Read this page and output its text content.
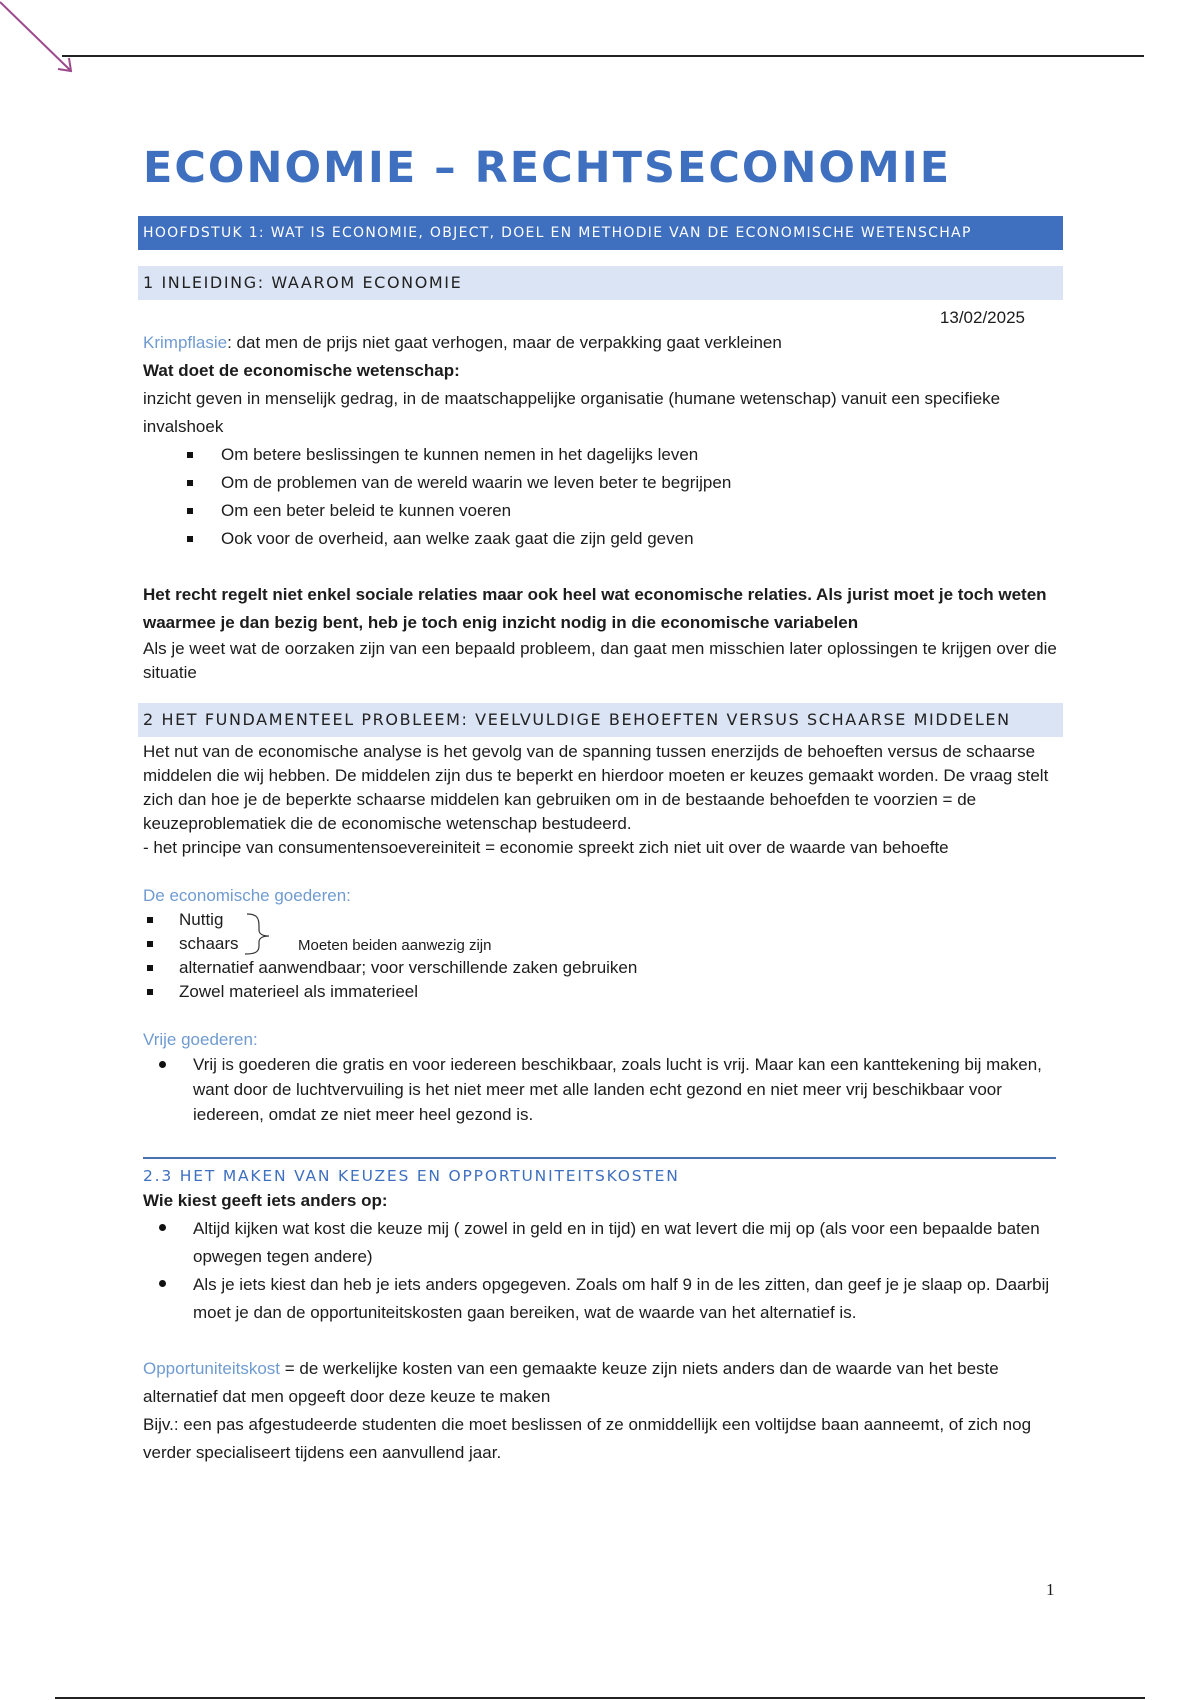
ECONOMIE – RECHTSECONOMIE
HOOFDSTUK 1: WAT IS ECONOMIE, OBJECT, DOEL EN METHODIE VAN DE ECONOMISCHE WETENSCHAP
1 INLEIDING: WAAROM ECONOMIE
13/02/2025

Krimpflasie: dat men de prijs niet gaat verhogen, maar de verpakking gaat verkleinen

Wat doet de economische wetenschap:

inzicht geven in menselijk gedrag, in de maatschappelijke organisatie (humane wetenschap) vanuit een specifieke invalshoek

Om betere beslissingen te kunnen nemen in het dagelijks leven
Om de problemen van de wereld waarin we leven beter te begrijpen
Om een beter beleid te kunnen voeren
Ook voor de overheid, aan welke zaak gaat die zijn geld geven

Het recht regelt niet enkel sociale relaties maar ook heel wat economische relaties. Als jurist moet je toch weten waarmee je dan bezig bent, heb je toch enig inzicht nodig in die economische variabelen

Als je weet wat de oorzaken zijn van een bepaald probleem, dan gaat men misschien later oplossingen te krijgen over die situatie

2 HET FUNDAMENTEEL PROBLEEM: VEELVULDIGE BEHOEFTEN VERSUS SCHAARSE MIDDELEN

Het nut van de economische analyse is het gevolg van de spanning tussen enerzijds de behoeften versus de schaarse middelen die wij hebben. De middelen zijn dus te beperkt en hierdoor moeten er keuzes gemaakt worden. De vraag stelt zich dan hoe je de beperkte schaarse middelen kan gebruiken om in de bestaande behoefden te voorzien = de keuzeproblematiek die de economische wetenschap bestudeerd.

- het principe van consumentensoevereiniteit = economie spreekt zich niet uit over de waarde van behoefte

De economische goederen:

Nuttig
schaars
alternatief aanwendbaar; voor verschillende zaken gebruiken
Zowel materieel als immaterieel
Moeten beiden aanwezig zijn

Vrije goederen:

Vrij is goederen die gratis en voor iedereen beschikbaar, zoals lucht is vrij. Maar kan een kanttekening bij maken, want door de luchtvervuiling is het niet meer met alle landen echt gezond en niet meer vrij beschikbaar voor iedereen, omdat ze niet meer heel gezond is.
2.3 HET MAKEN VAN KEUZES EN OPPORTUNITEITSKOSTEN

Wie kiest geeft iets anders op:

Altijd kijken wat kost die keuze mij ( zowel in geld en in tijd) en wat levert die mij op (als voor een bepaalde baten opwegen tegen andere)
Als je iets kiest dan heb je iets anders opgegeven. Zoals om half 9 in de les zitten, dan geef je je slaap op. Daarbij moet je dan de opportuniteitskosten gaan bereiken, wat de waarde van het alternatief is.

Opportuniteitskost = de werkelijke kosten van een gemaakte keuze zijn niets anders dan de waarde van het beste alternatief dat men opgeeft door deze keuze te maken

Bijv.: een pas afgestudeerde studenten die moet beslissen of ze onmiddellijk een voltijdse baan aanneemt, of zich nog verder specialiseert tijdens een aanvullend jaar.

1
